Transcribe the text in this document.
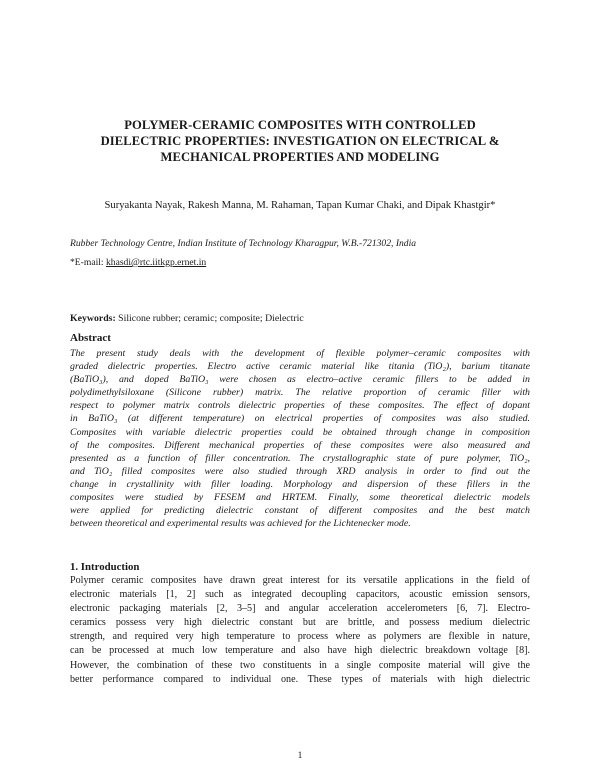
POLYMER-CERAMIC COMPOSITES WITH CONTROLLED
DIELECTRIC PROPERTIES: INVESTIGATION ON ELECTRICAL &
MECHANICAL PROPERTIES AND MODELING
Suryakanta Nayak, Rakesh Manna, M. Rahaman, Tapan Kumar Chaki, and Dipak Khastgir*
Rubber Technology Centre, Indian Institute of Technology Kharagpur, W.B.-721302, India
*E-mail: khasdi@rtc.iitkgp.ernet.in
Keywords: Silicone rubber; ceramic; composite; Dielectric
Abstract
The present study deals with the development of flexible polymer–ceramic composites with
graded dielectric properties. Electro active ceramic material like titania (TiO₂), barium titanate
(BaTiO₃), and doped BaTiO₃ were chosen as electro–active ceramic fillers to be added in
polydimethylsiloxane (Silicone rubber) matrix. The relative proportion of ceramic filler with
respect to polymer matrix controls dielectric properties of these composites. The effect of dopant
in BaTiO₃ (at different temperature) on electrical properties of composites was also studied.
Composites with variable dielectric properties could be obtained through change in composition
of the composites. Different mechanical properties of these composites were also measured and
presented as a function of filler concentration. The crystallographic state of pure polymer, TiO₂,
and TiO₂ filled composites were also studied through XRD analysis in order to find out the
change in crystallinity with filler loading. Morphology and dispersion of these fillers in the
composites were studied by FESEM and HRTEM. Finally, some theoretical dielectric models
were applied for predicting dielectric constant of different composites and the best match
between theoretical and experimental results was achieved for the Lichtenecker mode.
1. Introduction
Polymer ceramic composites have drawn great interest for its versatile applications in the field of
electronic materials [1, 2] such as integrated decoupling capacitors, acoustic emission sensors,
electronic packaging materials [2, 3–5] and angular acceleration accelerometers [6, 7]. Electro-
ceramics possess very high dielectric constant but are brittle, and possess medium dielectric
strength, and required very high temperature to process where as polymers are flexible in nature,
can be processed at much low temperature and also have high dielectric breakdown voltage [8].
However, the combination of these two constituents in a single composite material will give the
better performance compared to individual one. These types of materials with high dielectric
1
